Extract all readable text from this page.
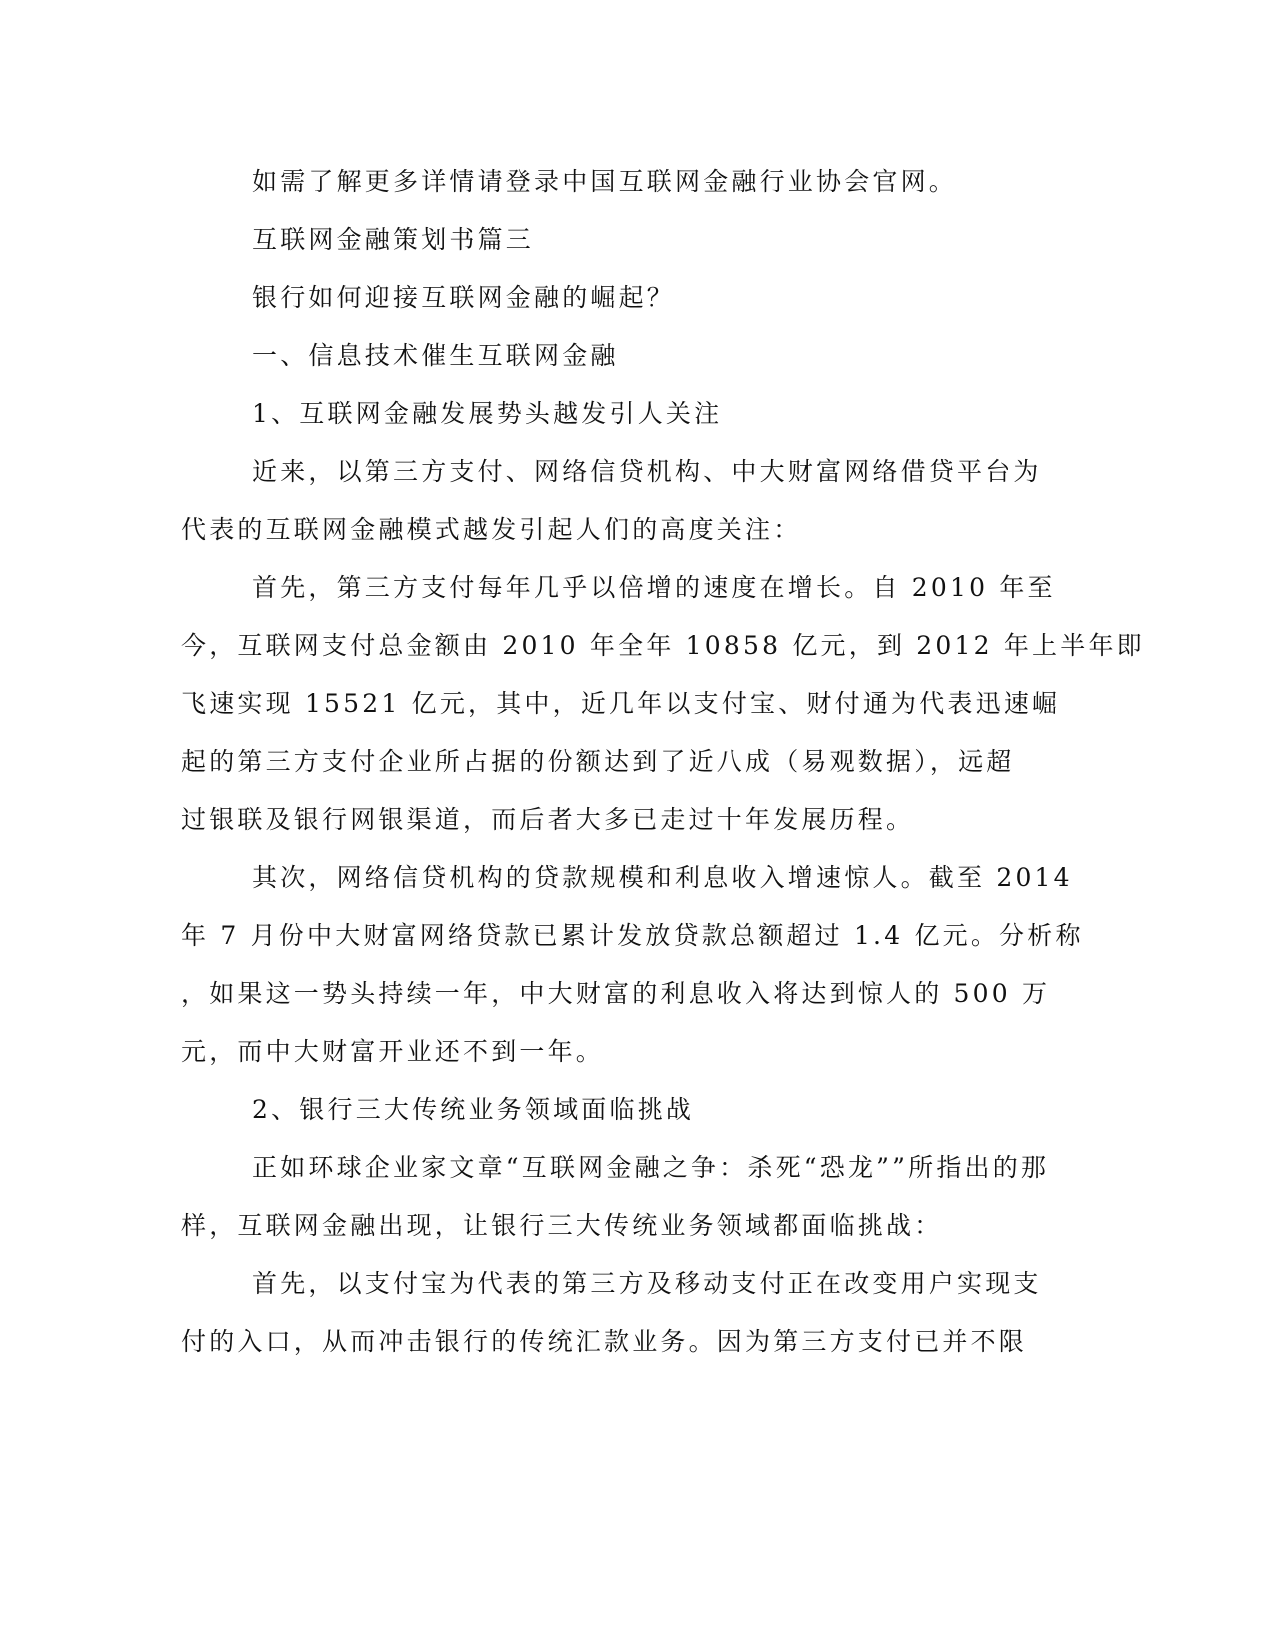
如需了解更多详情请登录中国互联网金融行业协会官网。
互联网金融策划书篇三
银行如何迎接互联网金融的崛起？
一、信息技术催生互联网金融
1、互联网金融发展势头越发引人关注
近来，以第三方支付、网络信贷机构、中大财富网络借贷平台为
代表的互联网金融模式越发引起人们的高度关注：
首先，第三方支付每年几乎以倍增的速度在增长。自 2010 年至
今，互联网支付总金额由 2010 年全年 10858 亿元，到 2012 年上半年即
飞速实现 15521 亿元，其中，近几年以支付宝、财付通为代表迅速崛
起的第三方支付企业所占据的份额达到了近八成（易观数据），远超
过银联及银行网银渠道，而后者大多已走过十年发展历程。
其次，网络信贷机构的贷款规模和利息收入增速惊人。截至 2014
年 7 月份中大财富网络贷款已累计发放贷款总额超过 1.4 亿元。分析称
，如果这一势头持续一年，中大财富的利息收入将达到惊人的 500 万
元，而中大财富开业还不到一年。
2、银行三大传统业务领域面临挑战
正如环球企业家文章“互联网金融之争：杀死“恐龙””所指出的那
样，互联网金融出现，让银行三大传统业务领域都面临挑战：
首先，以支付宝为代表的第三方及移动支付正在改变用户实现支
付的入口，从而冲击银行的传统汇款业务。因为第三方支付已并不限
